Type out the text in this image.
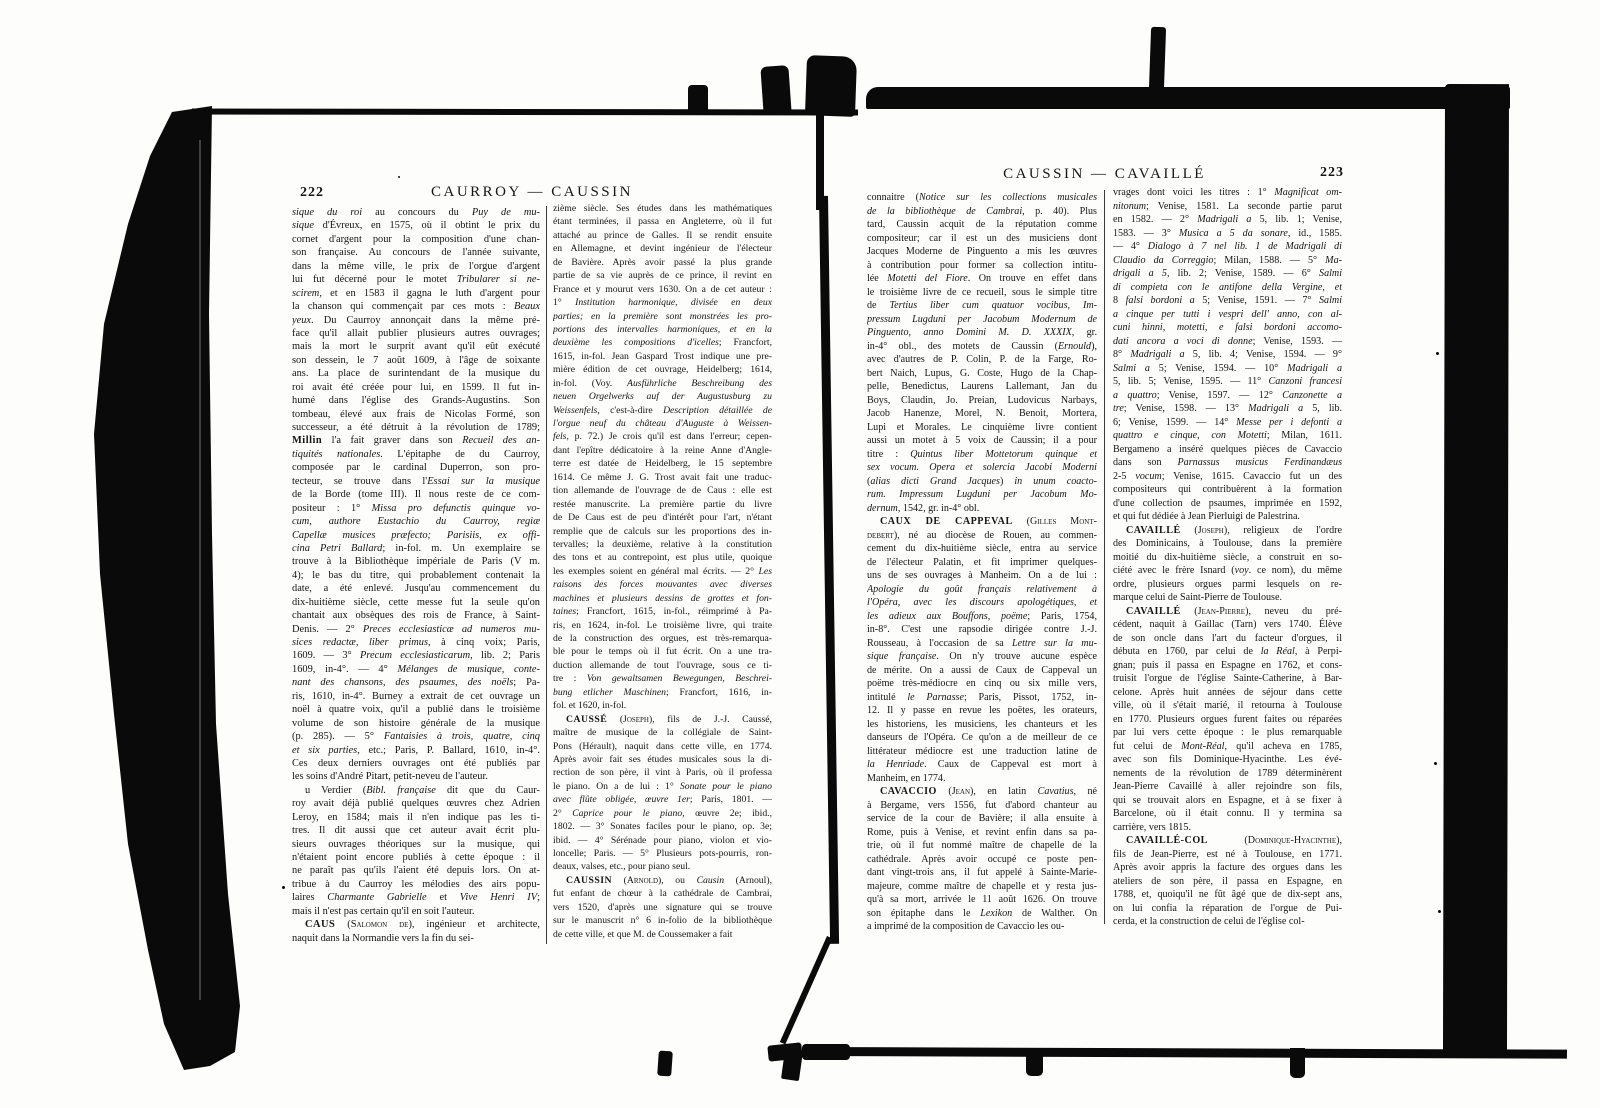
222	CAURROY — CAUSSIN
sique du roi au concours du Puy de mu-
sique d'Évreux, en 1575, où il obtint le prix du
cornet d'argent pour la composition d'une chan-
son française. Au concours de l'année suivante,
dans la même ville, le prix de l'orgue d'argent
lui fut décerné pour le motet Tribularer si ne-
scirem, et en 1583 il gagna le luth d'argent pour
la chanson qui commençait par ces mots : Beaux
yeux. Du Caurroy annonçait dans la même pré-
face qu'il allait publier plusieurs autres ouvrages;
mais la mort le surprit avant qu'il eût exécuté
son dessein, le 7 août 1609, à l'âge de soixante
ans. La place de surintendant de la musique du
roi avait été créée pour lui, en 1599. Il fut in-
humé dans l'église des Grands-Augustins. Son
tombeau, élevé aux frais de Nicolas Formé, son
successeur, a été détruit à la révolution de 1789;
Millin l'a fait graver dans son Recueil des an-
tiquités nationales. L'épitaphe de du Caurroy,
composée par le cardinal Duperron, son pro-
tecteur, se trouve dans l'Essai sur la musique
de la Borde (tome III). Il nous reste de ce com-
positeur : 1° Missa pro defunctis quinque vo-
cum, authore Eustachio du Caurroy, regiæ
Capellæ musices præfecto; Parisiis, ex offi-
cina Petri Ballard; in-fol. m. Un exemplaire se
trouve à la Bibliothèque impériale de Paris (V m.
4); le bas du titre, qui probablement contenait la
date, a été enlevé. Jusqu'au commencement du
dix-huitième siècle, cette messe fut la seule qu'on
chantait aux obsèques des rois de France, à Saint-
Denis. — 2° Preces ecclesiasticæ ad numeros mu-
sices redactæ, liber primus, à cinq voix; Paris,
1609. — 3° Precum ecclesiasticarum, lib. 2; Paris
1609, in-4°. — 4° Mélanges de musique, conte-
nant des chansons, des psaumes, des noëls; Pa-
ris, 1610, in-4°. Burney a extrait de cet ouvrage un
noël à quatre voix, qu'il a publié dans le troisième
volume de son histoire générale de la musique
(p. 285). — 5° Fantaisies à trois, quatre, cinq
et six parties, etc.; Paris, P. Ballard, 1610, in-4°.
Ces deux derniers ouvrages ont été publiés par
les soins d'André Pitart, petit-neveu de l'auteur.
u Verdier (Bibl. française dit que du Caur-
roy avait déjà publié quelques œuvres chez Adrien
Leroy, en 1584; mais il n'en indique pas les ti-
tres. Il dit aussi que cet auteur avait écrit plu-
sieurs ouvrages théoriques sur la musique, qui
n'étaient point encore publiés à cette époque : il
ne paraît pas qu'ils l'aient été depuis lors. On at-
tribue à du Caurroy les mélodies des airs popu-
laires Charmante Gabrielle et Vive Henri IV;
mais il n'est pas certain qu'il en soit l'auteur.
CAUS (Salomon de), ingénieur et architecte,
naquit dans la Normandie vers la fin du sei-
zième siècle. Ses études dans les mathématiques
étant terminées, il passa en Angleterre, où il fut
attaché au prince de Galles. Il se rendit ensuite
en Allemagne, et devint ingénieur de l'électeur
de Bavière. Après avoir passé la plus grande
partie de sa vie auprès de ce prince, il revint en
France et y mourut vers 1630. On a de cet auteur :
1° Institution harmonique, divisée en deux
parties; en la première sont monstrées les pro-
portions des intervalles harmoniques, et en la
deuxième les compositions d'icelles; Francfort,
1615, in-fol. Jean Gaspard Trost indique une pre-
mière édition de cet ouvrage, Heidelberg; 1614,
in-fol. (Voy. Ausführliche Beschreibung des
neuen Orgelwerks auf der Augustusburg zu
Weissenfels, c'est-à-dire Description détaillée de
l'orgue neuf du château d'Auguste à Weissen-
fels, p. 72.) Je crois qu'il est dans l'erreur; cepen-
dant l'epître dédicatoire à la reine Anne d'Angle-
terre est datée de Heidelberg, le 15 septembre
1614. Ce même J. G. Trost avait fait une traduc-
tion allemande de l'ouvrage de de Caus : elle est
restée manuscrite. La première partie du livre
de De Caus est de peu d'intérêt pour l'art, n'étant
remplie que de calculs sur les proportions des in-
tervalles; la deuxième, relative à la constitution
des tons et au contrepoint, est plus utile, quoique
les exemples soient en général mal écrits. — 2° Les
raisons des forces mouvantes avec diverses
machines et plusieurs dessins de grottes et fon-
taines; Francfort, 1615, in-fol., réimprimé à Pa-
ris, en 1624, in-fol. Le troisième livre, qui traite
de la construction des orgues, est très-remarqua-
ble pour le temps où il fut écrit. On a une tra-
duction allemande de tout l'ouvrage, sous ce ti-
tre : Von gewaltsamen Bewegungen, Beschrei-
bung etlicher Maschinen; Francfort, 1616, in-
fol. et 1620, in-fol.
CAUSSÉ (Joseph), fils de J.-J. Caussé,
maître de musique de la collégiale de Saint-
Pons (Hérault), naquit dans cette ville, en 1774.
Après avoir fait ses études musicales sous la di-
rection de son père, il vint à Paris, où il professa
le piano. On a de lui : 1° Sonate pour le piano
avec flûte obligée, œuvre 1er; Paris, 1801. —
2° Caprice pour le piano, œuvre 2e; ibid.,
1802. — 3° Sonates faciles pour le piano, op. 3e;
ibid. — 4° Sérénade pour piano, violon et vio-
loncelle; Paris. — 5° Plusieurs pots-pourris, ron-
deaux, valses, etc., pour piano seul.
CAUSSIN (Arnold), ou Causin (Arnoul),
fut enfant de chœur à la cathédrale de Cambrai,
vers 1520, d'après une signature qui se trouve
sur le manuscrit n° 6 in-folio de la bibliothèque
de cette ville, et que M. de Coussemaker a fait
CAUSSIN — CAVAILLÉ	223
connaitre (Notice sur les collections musicales
de la bibliothèque de Cambrai, p. 40). Plus
tard, Caussin acquit de la réputation comme
compositeur; car il est un des musiciens dont
Jacques Moderne de Pinguento a mis les œuvres
à contribution pour former sa collection intitu-
lée Motetti del Fiore. On trouve en effet dans
le troisième livre de ce recueil, sous le simple titre
de Tertius liber cum quatuor vocibus, Im-
pressum Lugduni per Jacobum Modernum de
Pinguento, anno Domini M. D. XXXIX, gr.
in-4° obl., des motets de Caussin (Ernould),
avec d'autres de P. Colin, P. de la Farge, Ro-
bert Naich, Lupus, G. Coste, Hugo de la Chap-
pelle, Benedictus, Laurens Lallemant, Jan du
Boys, Claudin, Jo. Preian, Ludovicus Narbays,
Jacob Hanenze, Morel, N. Benoit, Mortera,
Lupi et Morales. Le cinquième livre contient
aussi un motet à 5 voix de Caussin; il a pour
titre : Quintus liber Mottetorum quinque et
sex vocum. Opera et solercia Jacobi Moderni
(alias dicti Grand Jacques) in unum coacto-
rum. Impressum Lugduni per Jacobum Mo-
dernum, 1542, gr. in-4° obl.
CAUX DE CAPPEVAL (Gilles Mont-
debert), né au diocèse de Rouen, au commen-
cement du dix-huitième siècle, entra au service
de l'électeur Palatin, et fit imprimer quelques-
uns de ses ouvrages à Manheim. On a de lui :
Apologie du goût français relativement à
l'Opéra, avec les discours apologétiques, et
les adieux aux Bouffons, poëme; Paris, 1754,
in-8°. C'est une rapsodie dirigée contre J.-J.
Rousseau, à l'occasion de sa Lettre sur la mu-
sique française. On n'y trouve aucune espèce
de mérite. On a aussi de Caux de Cappeval un
poëme très-médiocre en cinq ou six mille vers,
intitulé le Parnasse; Paris, Pissot, 1752, in-
12. Il y passe en revue les poëtes, les orateurs,
les historiens, les musiciens, les chanteurs et les
danseurs de l'Opéra. Ce qu'on a de meilleur de ce
littérateur médiocre est une traduction latine de
la Henriade. Caux de Cappeval est mort à
Manheim, en 1774.
CAVACCIO (Jean), en latin Cavatius, né
à Bergame, vers 1556, fut d'abord chanteur au
service de la cour de Bavière; il alla ensuite à
Rome, puis à Venise, et revint enfin dans sa pa-
trie, où il fut nommé maître de chapelle de la
cathédrale. Après avoir occupé ce poste pen-
dant vingt-trois ans, il fut appelé à Sainte-Marie-
majeure, comme maître de chapelle et y resta jus-
qu'à sa mort, arrivée le 11 août 1626. On trouve
son épitaphe dans le Lexikon de Walther. On
a imprimé de la composition de Cavaccio les ou-
vrages dont voici les titres : 1° Magnificat om-
nitonum; Venise, 1581. La seconde partie parut
en 1582. — 2° Madrigali a 5, lib. 1; Venise,
1583. — 3° Musica a 5 da sonare, id., 1585.
— 4° Dialogo à 7 nel lib. 1 de Madrigali di
Claudio da Correggio; Milan, 1588. — 5° Ma-
drigali a 5, lib. 2; Venise, 1589. — 6° Salmi
di compieta con le antifone della Vergine, et
8 falsi bordoni a 5; Venise, 1591. — 7° Salmi
a cinque per tutti i vespri dell' anno, con al-
cuni hinni, motetti, e falsi bordoni accomo-
dati ancora a voci di donne; Venise, 1593. —
8° Madrigali a 5, lib. 4; Venise, 1594. — 9°
Salmi a 5; Venise, 1594. — 10° Madrigali a
5, lib. 5; Venise, 1595. — 11° Canzoni francesi
a quattro; Venise, 1597. — 12° Canzonette a
tre; Venise, 1598. — 13° Madrigali a 5, lib.
6; Venise, 1599. — 14° Messe per i defonti a
quattro e cinque, con Motetti; Milan, 1611.
Bergameno a inséré quelques pièces de Cavaccio
dans son Parnassus musicus Ferdinandæus
2-5 vocum; Venise, 1615. Cavaccio fut un des
compositeurs qui contribuèrent à la formation
d'une collection de psaumes, imprimée en 1592,
et qui fut dédiée à Jean Pierluigi de Palestrina.
CAVAILLÉ (Joseph), religieux de l'ordre
des Dominicains, à Toulouse, dans la première
moitié du dix-huitième siècle, a construit en so-
ciété avec le frère Isnard (voy. ce nom), du même
ordre, plusieurs orgues parmi lesquels on re-
marque celui de Saint-Pierre de Toulouse.
CAVAILLÉ (Jean-Pierre), neveu du pré-
cédent, naquit à Gaillac (Tarn) vers 1740. Élève
de son oncle dans l'art du facteur d'orgues, il
débuta en 1760, par celui de la Réal, à Perpi-
gnan; puis il passa en Espagne en 1762, et cons-
truisit l'orgue de l'église Sainte-Catherine, à Bar-
celone. Après huit années de séjour dans cette
ville, où il s'était marié, il retourna à Toulouse
en 1770. Plusieurs orgues furent faites ou réparées
par lui vers cette époque : le plus remarquable
fut celui de Mont-Réal, qu'il acheva en 1785,
avec son fils Dominique-Hyacinthe. Les évé-
nements de la révolution de 1789 déterminèrent
Jean-Pierre Cavaillé à aller rejoindre son fils,
qui se trouvait alors en Espagne, et à se fixer à
Barcelone, où il était connu. Il y termina sa
carrière, vers 1815.
CAVAILLÉ-COL (Dominique-Hyacinthe),
fils de Jean-Pierre, est né à Toulouse, en 1771.
Après avoir appris la facture des orgues dans les
ateliers de son père, il passa en Espagne, en
1788, et, quoiqu'il ne fût âgé que de dix-sept ans,
on lui confia la réparation de l'orgue de Pui-
cerda, et la construction de celui de l'église col-
